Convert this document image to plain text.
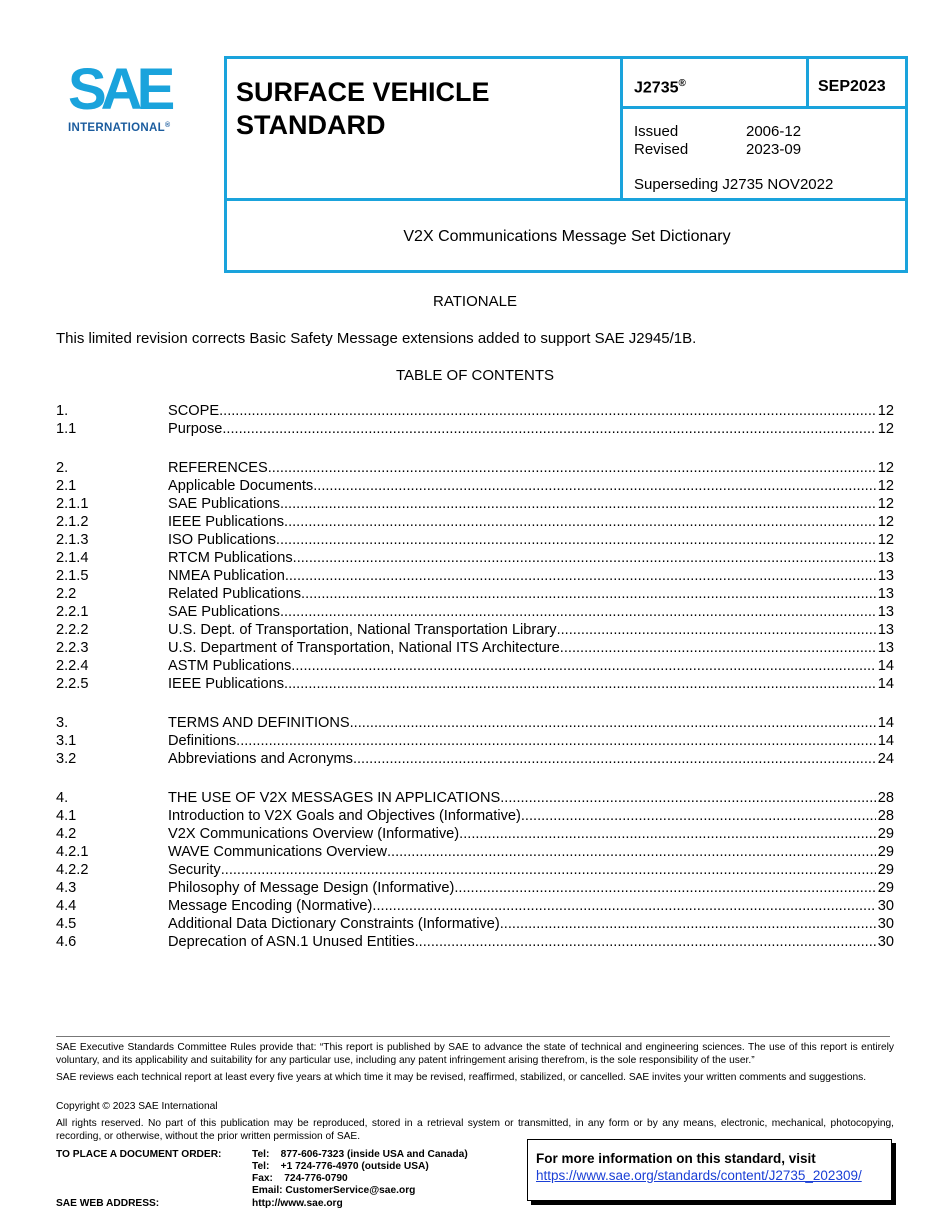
SAE
INTERNATIONAL®
SURFACE VEHICLE
STANDARD
J2735®	SEP2023
Issued	2006-12
Revised	2023-09
Superseding J2735 NOV2022
V2X Communications Message Set Dictionary
RATIONALE
This limited revision corrects Basic Safety Message extensions added to support SAE J2945/1B.
TABLE OF CONTENTS
1.	SCOPE .....	12
1.1	Purpose .....	12
2.	REFERENCES .....	12
2.1	Applicable Documents .....	12
2.1.1	SAE Publications .....	12
2.1.2	IEEE Publications .....	12
2.1.3	ISO Publications .....	12
2.1.4	RTCM Publications .....	13
2.1.5	NMEA Publication .....	13
2.2	Related Publications .....	13
2.2.1	SAE Publications .....	13
2.2.2	U.S. Dept. of Transportation, National Transportation Library .....	13
2.2.3	U.S. Department of Transportation, National ITS Architecture .....	13
2.2.4	ASTM Publications .....	14
2.2.5	IEEE Publications .....	14
3.	TERMS AND DEFINITIONS .....	14
3.1	Definitions .....	14
3.2	Abbreviations and Acronyms .....	24
4.	THE USE OF V2X MESSAGES IN APPLICATIONS .....	28
4.1	Introduction to V2X Goals and Objectives (Informative) .....	28
4.2	V2X Communications Overview (Informative) .....	29
4.2.1	WAVE Communications Overview .....	29
4.2.2	Security .....	29
4.3	Philosophy of Message Design (Informative) .....	29
4.4	Message Encoding (Normative) .....	30
4.5	Additional Data Dictionary Constraints (Informative) .....	30
4.6	Deprecation of ASN.1 Unused Entities .....	30
SAE Executive Standards Committee Rules provide that: “This report is published by SAE to advance the state of technical and engineering sciences. The use of this report is entirely voluntary, and its applicability and suitability for any particular use, including any patent infringement arising therefrom, is the sole responsibility of the user.”
SAE reviews each technical report at least every five years at which time it may be revised, reaffirmed, stabilized, or cancelled. SAE invites your written comments and suggestions.
Copyright © 2023 SAE International
All rights reserved. No part of this publication may be reproduced, stored in a retrieval system or transmitted, in any form or by any means, electronic, mechanical, photocopying, recording, or otherwise, without the prior written permission of SAE.
TO PLACE A DOCUMENT ORDER:	Tel:    877-606-7323 (inside USA and Canada)
Tel:    +1 724-776-4970 (outside USA)
Fax:    724-776-0790
Email: CustomerService@sae.org
SAE WEB ADDRESS:	http://www.sae.org
For more information on this standard, visit
https://www.sae.org/standards/content/J2735_202309/
